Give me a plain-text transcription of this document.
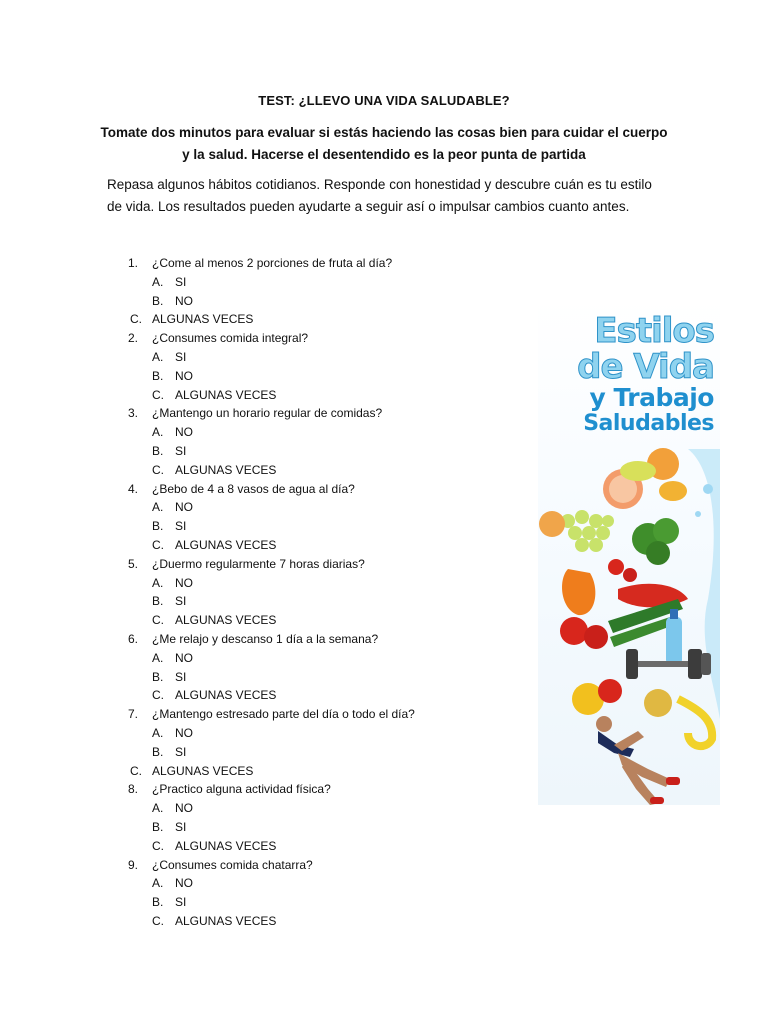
TEST: ¿LLEVO UNA VIDA SALUDABLE?
Tomate dos minutos para evaluar si estás haciendo las cosas bien para cuidar el cuerpo y la salud. Hacerse el desentendido es la peor punta de partida
Repasa algunos hábitos cotidianos. Responde con honestidad y descubre cuán es tu estilo de vida. Los resultados pueden ayudarte a seguir así o impulsar cambios cuanto antes.
1. ¿Come al menos 2 porciones de fruta al día?
A. SI
B. NO
C. ALGUNAS VECES
2. ¿Consumes comida integral?
A. SI
B. NO
C. ALGUNAS VECES
3. ¿Mantengo un horario regular de comidas?
A. NO
B. SI
C. ALGUNAS VECES
4. ¿Bebo de 4 a 8 vasos de agua al día?
A. NO
B. SI
C. ALGUNAS VECES
5. ¿Duermo regularmente 7 horas diarias?
A. NO
B. SI
C. ALGUNAS VECES
6. ¿Me relajo y descanso 1 día a la semana?
A. NO
B. SI
C. ALGUNAS VECES
7. ¿Mantengo estresado parte del día o todo el día?
A. NO
B. SI
C. ALGUNAS VECES
8. ¿Practico alguna actividad física?
A. NO
B. SI
C. ALGUNAS VECES
9. ¿Consumes comida chatarra?
A. NO
B. SI
C. ALGUNAS VECES
Estilos
de Vida
y Trabajo
Saludables
